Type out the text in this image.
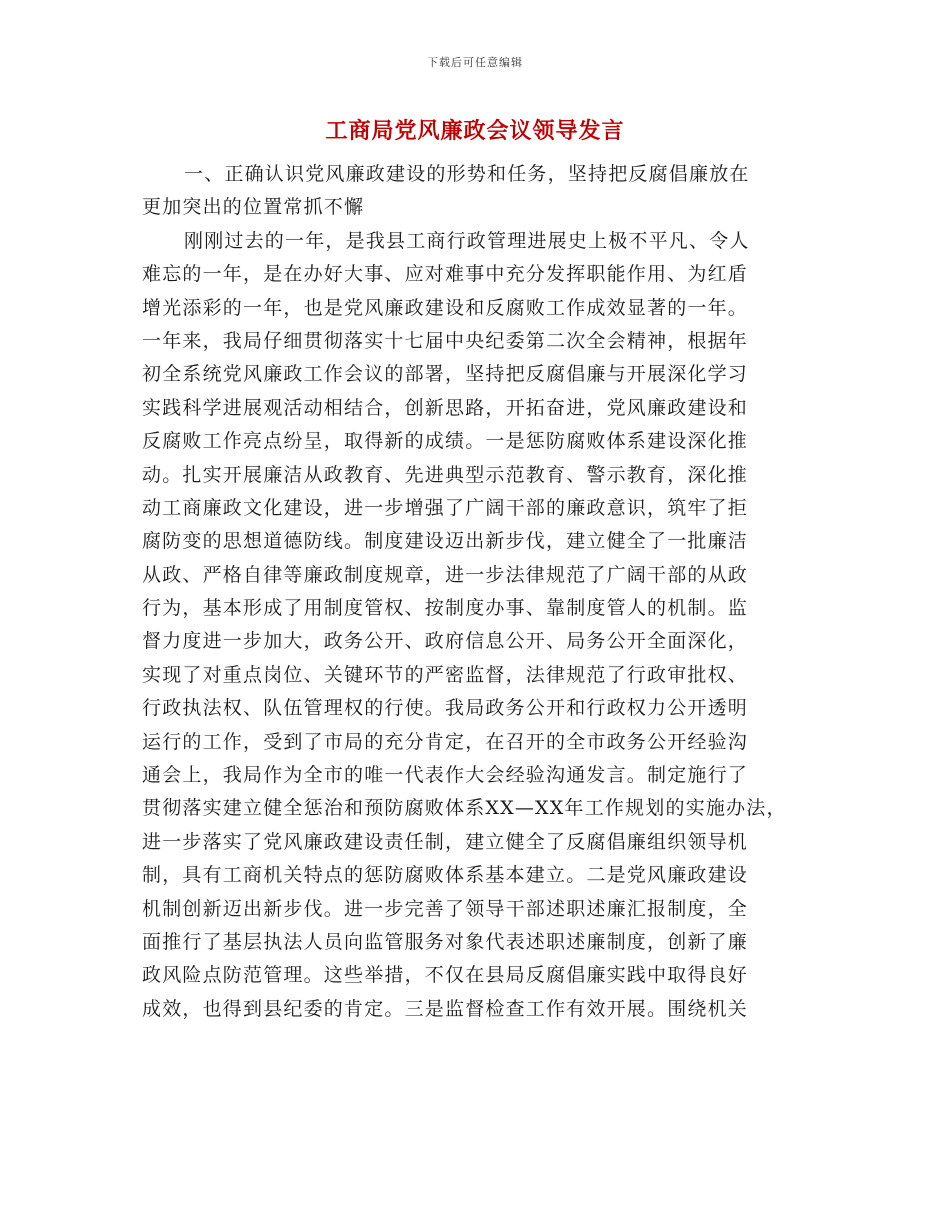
下载后可任意编辑
工商局党风廉政会议领导发言
一、正确认识党风廉政建设的形势和任务，坚持把反腐倡廉放在
更加突出的位置常抓不懈
刚刚过去的一年，是我县工商行政管理进展史上极不平凡、令人
难忘的一年，是在办好大事、应对难事中充分发挥职能作用、为红盾
增光添彩的一年，也是党风廉政建设和反腐败工作成效显著的一年。
一年来，我局仔细贯彻落实十七届中央纪委第二次全会精神，根据年
初全系统党风廉政工作会议的部署，坚持把反腐倡廉与开展深化学习
实践科学进展观活动相结合，创新思路，开拓奋进，党风廉政建设和
反腐败工作亮点纷呈，取得新的成绩。一是惩防腐败体系建设深化推
动。扎实开展廉洁从政教育、先进典型示范教育、警示教育，深化推
动工商廉政文化建设，进一步增强了广阔干部的廉政意识，筑牢了拒
腐防变的思想道德防线。制度建设迈出新步伐，建立健全了一批廉洁
从政、严格自律等廉政制度规章，进一步法律规范了广阔干部的从政
行为，基本形成了用制度管权、按制度办事、靠制度管人的机制。监
督力度进一步加大，政务公开、政府信息公开、局务公开全面深化，
实现了对重点岗位、关键环节的严密监督，法律规范了行政审批权、
行政执法权、队伍管理权的行使。我局政务公开和行政权力公开透明
运行的工作，受到了市局的充分肯定，在召开的全市政务公开经验沟
通会上，我局作为全市的唯一代表作大会经验沟通发言。制定施行了
贯彻落实建立健全惩治和预防腐败体系XX—XX年工作规划的实施办法，
进一步落实了党风廉政建设责任制，建立健全了反腐倡廉组织领导机
制，具有工商机关特点的惩防腐败体系基本建立。二是党风廉政建设
机制创新迈出新步伐。进一步完善了领导干部述职述廉汇报制度，全
面推行了基层执法人员向监管服务对象代表述职述廉制度，创新了廉
政风险点防范管理。这些举措，不仅在县局反腐倡廉实践中取得良好
成效，也得到县纪委的肯定。三是监督检查工作有效开展。围绕机关
